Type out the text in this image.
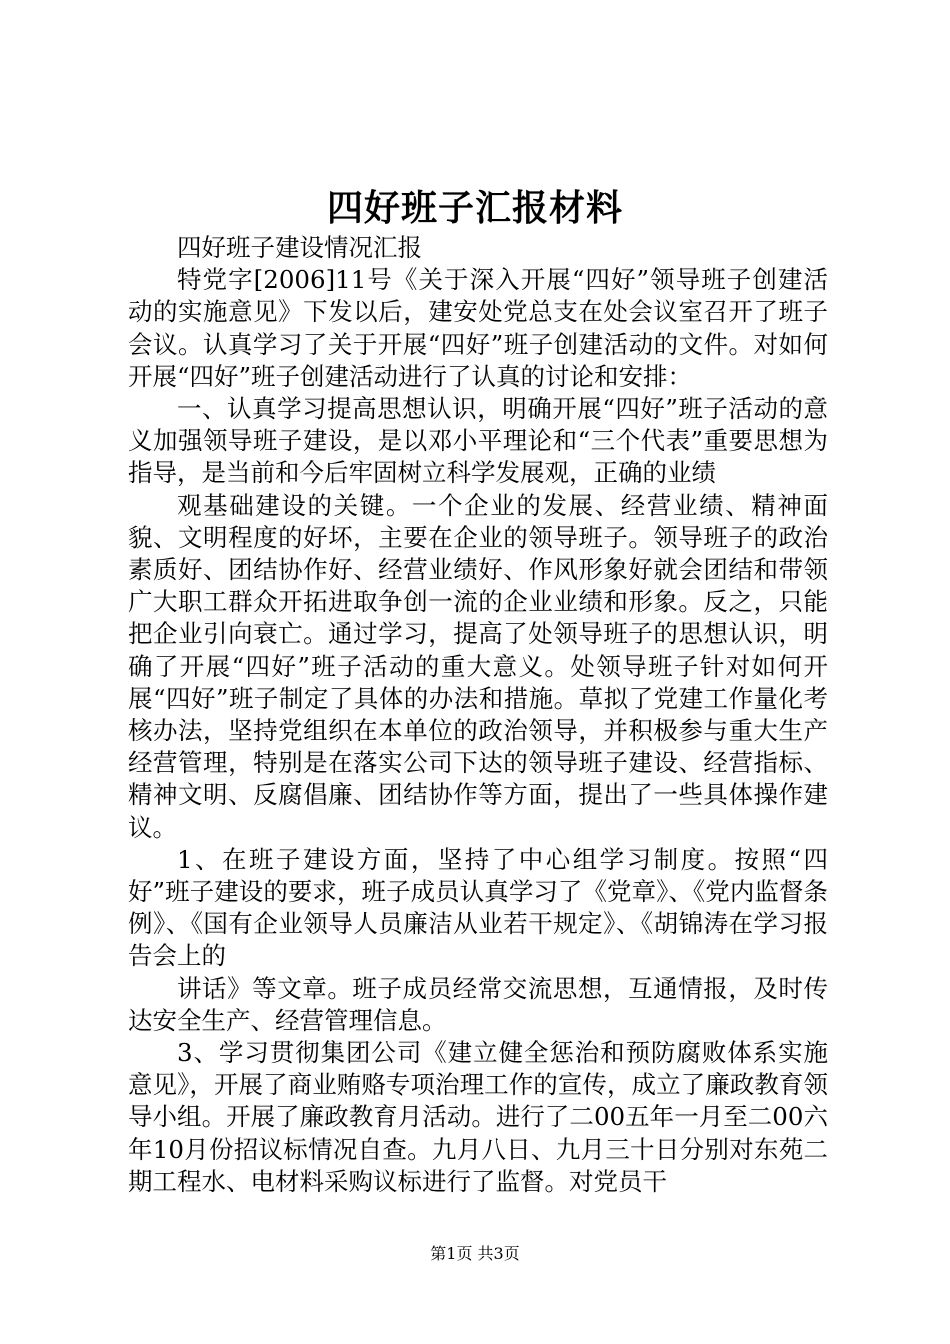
四好班子汇报材料

四好班子建设情况汇报

特党字[2006]11号《关于深入开展“四好”领导班子创建活动的实施意见》下发以后，建安处党总支在处会议室召开了班子会议。认真学习了关于开展“四好”班子创建活动的文件。对如何开展“四好”班子创建活动进行了认真的讨论和安排：

一、认真学习提高思想认识，明确开展“四好”班子活动的意义加强领导班子建设，是以邓小平理论和“三个代表”重要思想为指导，是当前和今后牢固树立科学发展观，正确的业绩

观基础建设的关键。一个企业的发展、经营业绩、精神面貌、文明程度的好坏，主要在企业的领导班子。领导班子的政治素质好、团结协作好、经营业绩好、作风形象好就会团结和带领广大职工群众开拓进取争创一流的企业业绩和形象。反之，只能把企业引向衰亡。通过学习，提高了处领导班子的思想认识，明确了开展“四好”班子活动的重大意义。处领导班子针对如何开展“四好”班子制定了具体的办法和措施。草拟了党建工作量化考核办法，坚持党组织在本单位的政治领导，并积极参与重大生产经营管理，特别是在落实公司下达的领导班子建设、经营指标、精神文明、反腐倡廉、团结协作等方面，提出了一些具体操作建议。

1、在班子建设方面，坚持了中心组学习制度。按照“四好”班子建设的要求，班子成员认真学习了《党章》、《党内监督条例》、《国有企业领导人员廉洁从业若干规定》、《胡锦涛在学习报告会上的

讲话》等文章。班子成员经常交流思想，互通情报，及时传达安全生产、经营管理信息。

3、学习贯彻集团公司《建立健全惩治和预防腐败体系实施意见》，开展了商业贿赂专项治理工作的宣传，成立了廉政教育领导小组。开展了廉政教育月活动。进行了二00五年一月至二00六年10月份招议标情况自查。九月八日、九月三十日分别对东苑二期工程水、电材料采购议标进行了监督。对党员干

第1页 共3页
